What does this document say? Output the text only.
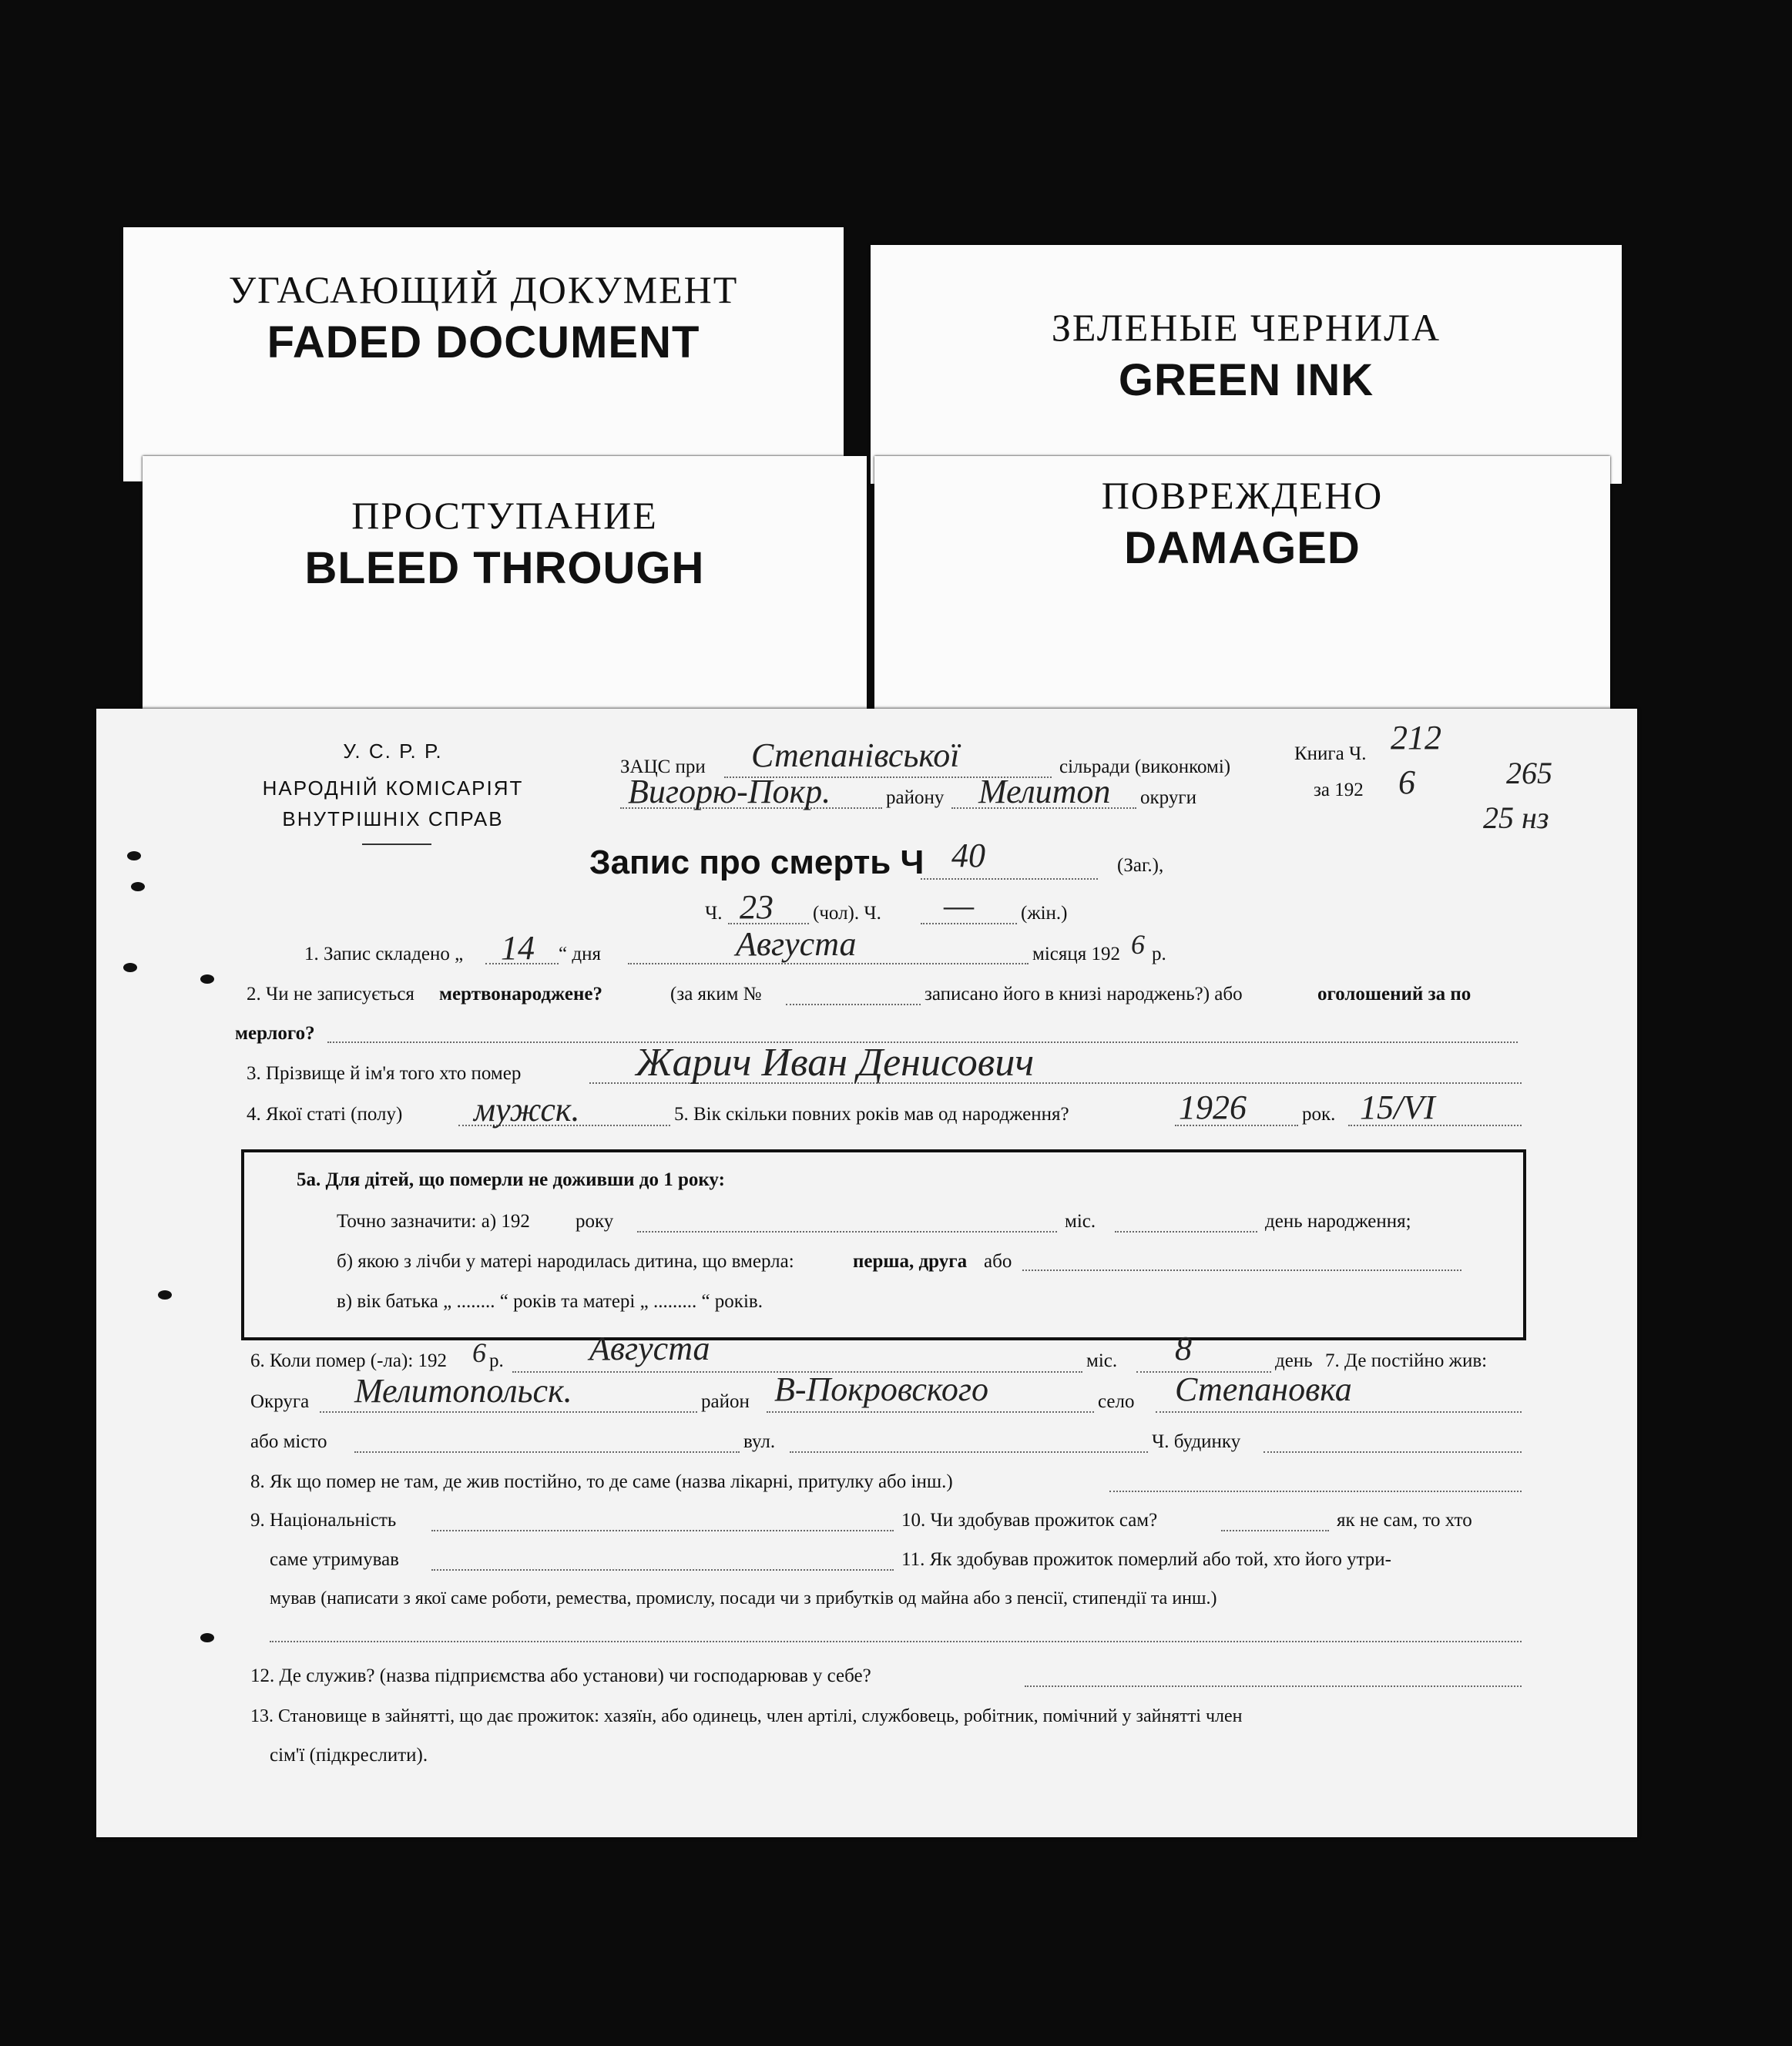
УГАСАЮЩИЙ ДОКУМЕНТ
FADED DOCUMENT	ЗЕЛЕНЫЕ ЧЕРНИЛА
GREEN INK
ПРОСТУПАНИЕ
BLEED THROUGH
ПОВРЕЖДЕНО
DAMAGED
У. С. Р. Р.
НАРОДНІЙ КОМІСАРІЯТ
ВНУТРІШНІХ СПРАВ
ЗАЦС при Степанівської	сільради (виконкомі)
Вигорю-Покр.	району Мелитоп округи
Книга Ч. 212
за 192 6	265
25 нз
Запис про смерть Ч 40	(Заг.),
Ч. 23 (чол). Ч. — (жін.)
1. Запис складено „ 14 “ дня	Августа	місяця 192 6 р.
2. Чи не записується мертвонароджене?	(за яким №	записано його в книзі народжень?) або	оголошений за по
мерлого?
3. Прізвище й ім'я того хто помер	Жарич Иван Денисович
4. Якої статі (полу) мужск.	5. Вік скільки повних років мав од народження?	1926	рок. 15/VI
5а. Для дітей, що померли не доживши до 1 року:
Точно зазначити: а) 192 року	міс.	день народження;
б) якою з лічби у матері народилась дитина, що вмерла:	перша, друга або
в) вік батька „ ........ “ років та матері „ ......... “ років.
6. Коли помер (-ла): 192 6 р.	Августа	міс. 8	день 7. Де постійно жив:
Округа Мелитопольск.	район В-Покровского	село Степановка
або місто	вул.	Ч. будинку
8. Як що помер не там, де жив постійно, то де саме (назва лікарні, притулку або інш.)
9. Національність	10. Чи здобував прожиток сам?	як не сам, то хто
саме утримував	11. Як здобував прожиток померлий або той, хто його утри-
мував (написати з якої саме роботи, ремества, промислу, посади чи з прибутків од майна або з пенсії, стипендії та инш.)
12. Де служив? (назва підприємства або установи) чи господарював у себе?
13. Становище в зайнятті, що дає прожиток: хазяїн, або одинець, член артілі, службовець, робітник, помічний у зайнятті член
сім'ї (підкреслити).
